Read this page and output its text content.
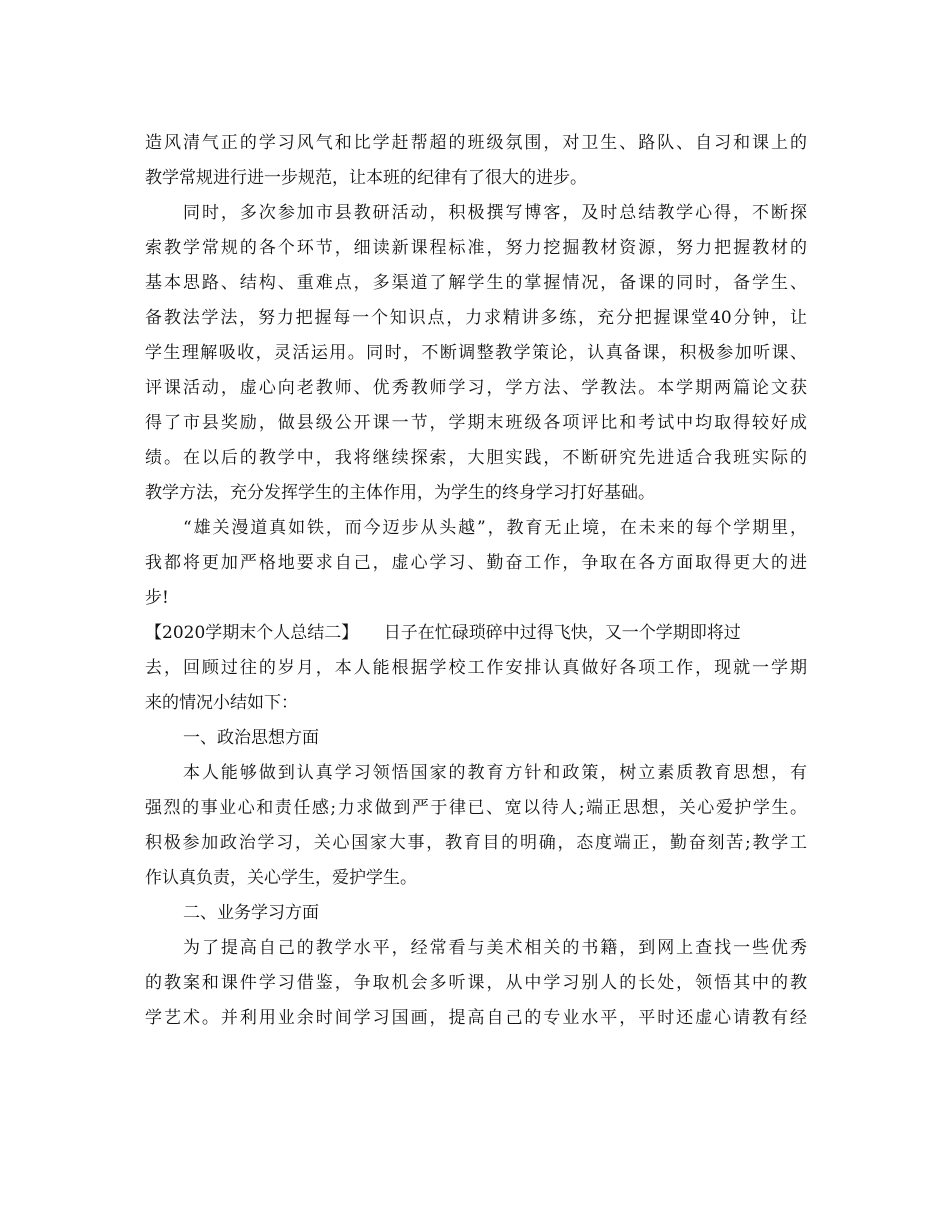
造风清气正的学习风气和比学赶帮超的班级氛围，对卫生、路队、自习和课上的
教学常规进行进一步规范，让本班的纪律有了很大的进步。
同时，多次参加市县教研活动，积极撰写博客，及时总结教学心得，不断探
索教学常规的各个环节，细读新课程标准，努力挖掘教材资源，努力把握教材的
基本思路、结构、重难点，多渠道了解学生的掌握情况，备课的同时，备学生、
备教法学法，努力把握每一个知识点，力求精讲多练，充分把握课堂40分钟，让
学生理解吸收，灵活运用。同时，不断调整教学策论，认真备课，积极参加听课、
评课活动，虚心向老教师、优秀教师学习，学方法、学教法。本学期两篇论文获
得了市县奖励，做县级公开课一节，学期末班级各项评比和考试中均取得较好成
绩。在以后的教学中，我将继续探索，大胆实践，不断研究先进适合我班实际的
教学方法，充分发挥学生的主体作用，为学生的终身学习打好基础。
“雄关漫道真如铁，而今迈步从头越”，教育无止境，在未来的每个学期里，
我都将更加严格地要求自己，虚心学习、勤奋工作，争取在各方面取得更大的进
步!
【2020学期末个人总结二】　　日子在忙碌琐碎中过得飞快，又一个学期即将过
去，回顾过往的岁月，本人能根据学校工作安排认真做好各项工作，现就一学期
来的情况小结如下：
一、政治思想方面
本人能够做到认真学习领悟国家的教育方针和政策，树立素质教育思想，有
强烈的事业心和责任感;力求做到严于律已、宽以待人;端正思想，关心爱护学生。
积极参加政治学习，关心国家大事，教育目的明确，态度端正，勤奋刻苦;教学工
作认真负责，关心学生，爱护学生。
二、业务学习方面
为了提高自己的教学水平，经常看与美术相关的书籍，到网上查找一些优秀
的教案和课件学习借鉴，争取机会多听课，从中学习别人的长处，领悟其中的教
学艺术。并利用业余时间学习国画，提高自己的专业水平，平时还虚心请教有经
